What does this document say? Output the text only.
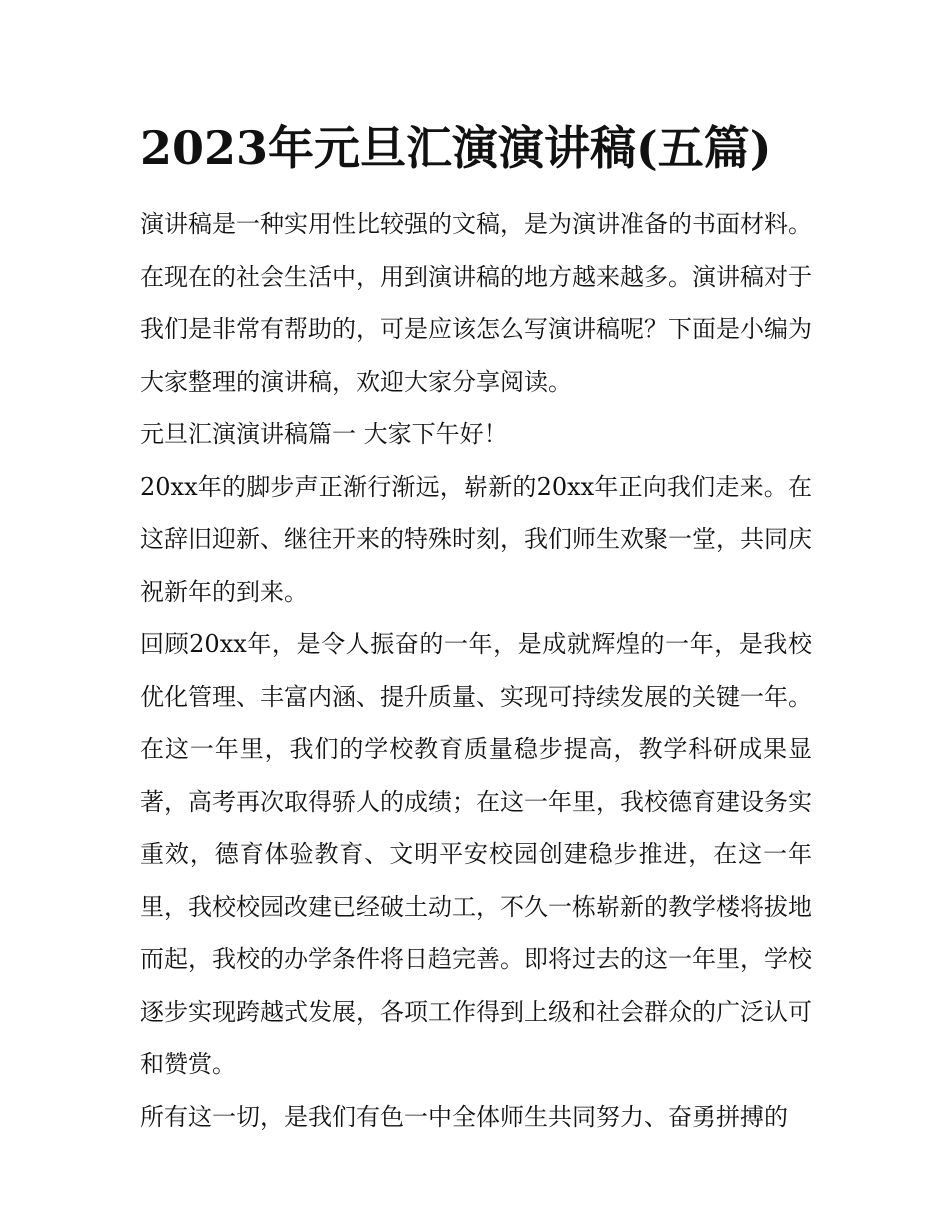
2023年元旦汇演演讲稿(五篇)

演讲稿是一种实用性比较强的文稿，是为演讲准备的书面材料。在现在的社会生活中，用到演讲稿的地方越来越多。演讲稿对于我们是非常有帮助的，可是应该怎么写演讲稿呢？下面是小编为大家整理的演讲稿，欢迎大家分享阅读。

元旦汇演演讲稿篇一 大家下午好！

20xx年的脚步声正渐行渐远，崭新的20xx年正向我们走来。在这辞旧迎新、继往开来的特殊时刻，我们师生欢聚一堂，共同庆祝新年的到来。

回顾20xx年，是令人振奋的一年，是成就辉煌的一年，是我校优化管理、丰富内涵、提升质量、实现可持续发展的关键一年。在这一年里，我们的学校教育质量稳步提高，教学科研成果显著，高考再次取得骄人的成绩；在这一年里，我校德育建设务实重效，德育体验教育、文明平安校园创建稳步推进，在这一年里，我校校园改建已经破土动工，不久一栋崭新的教学楼将拔地而起，我校的办学条件将日趋完善。即将过去的这一年里，学校逐步实现跨越式发展，各项工作得到上级和社会群众的广泛认可和赞赏。

所有这一切，是我们有色一中全体师生共同努力、奋勇拼搏的
